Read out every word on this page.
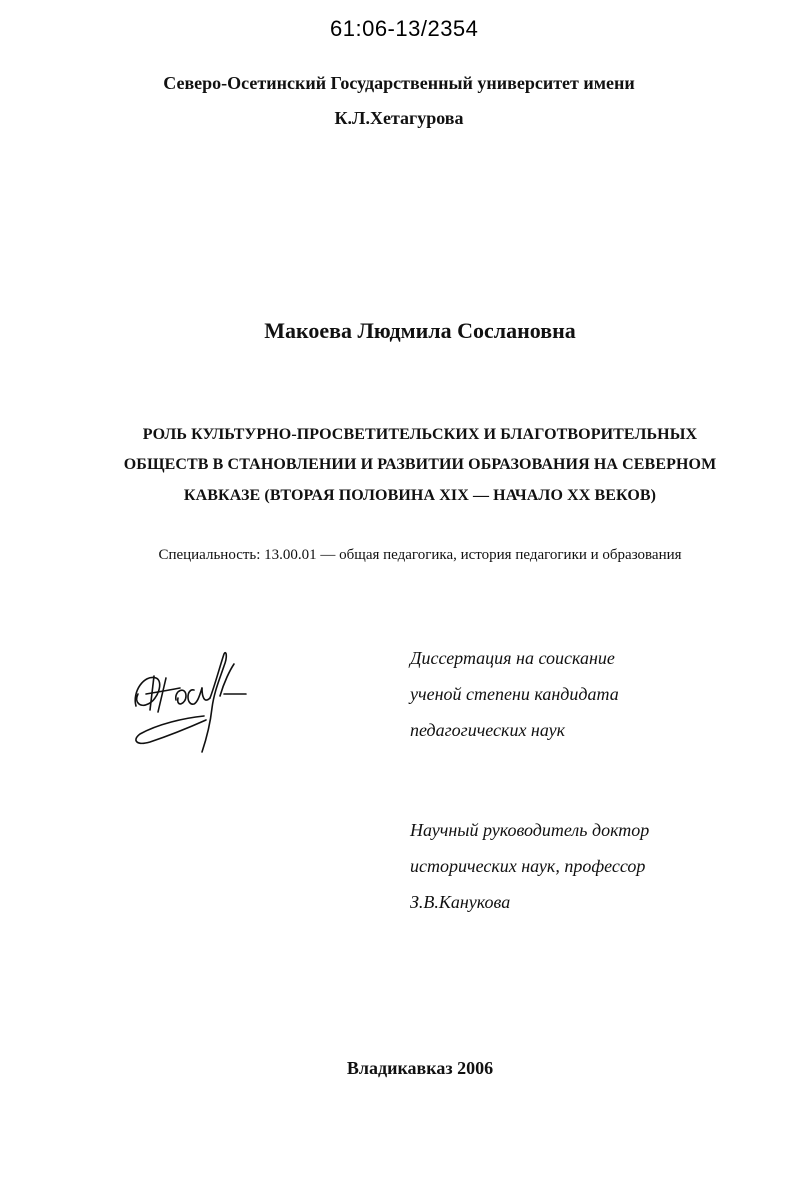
61:06-13/2354
Северо-Осетинский Государственный университет имени
К.Л.Хетагурова
Макоева Людмила Сослановна
РОЛЬ КУЛЬТУРНО-ПРОСВЕТИТЕЛЬСКИХ И БЛАГОТВОРИТЕЛЬНЫХ
ОБЩЕСТВ В СТАНОВЛЕНИИ И РАЗВИТИИ ОБРАЗОВАНИЯ НА СЕВЕРНОМ
КАВКАЗЕ (ВТОРАЯ ПОЛОВИНА XIX — НАЧАЛО XX ВЕКОВ)
Специальность: 13.00.01 — общая педагогика, история педагогики и образования
Диссертация на соискание
ученой степени кандидата
педагогических наук
Научный руководитель доктор
исторических наук, профессор
З.В.Канукова
Владикавказ 2006
